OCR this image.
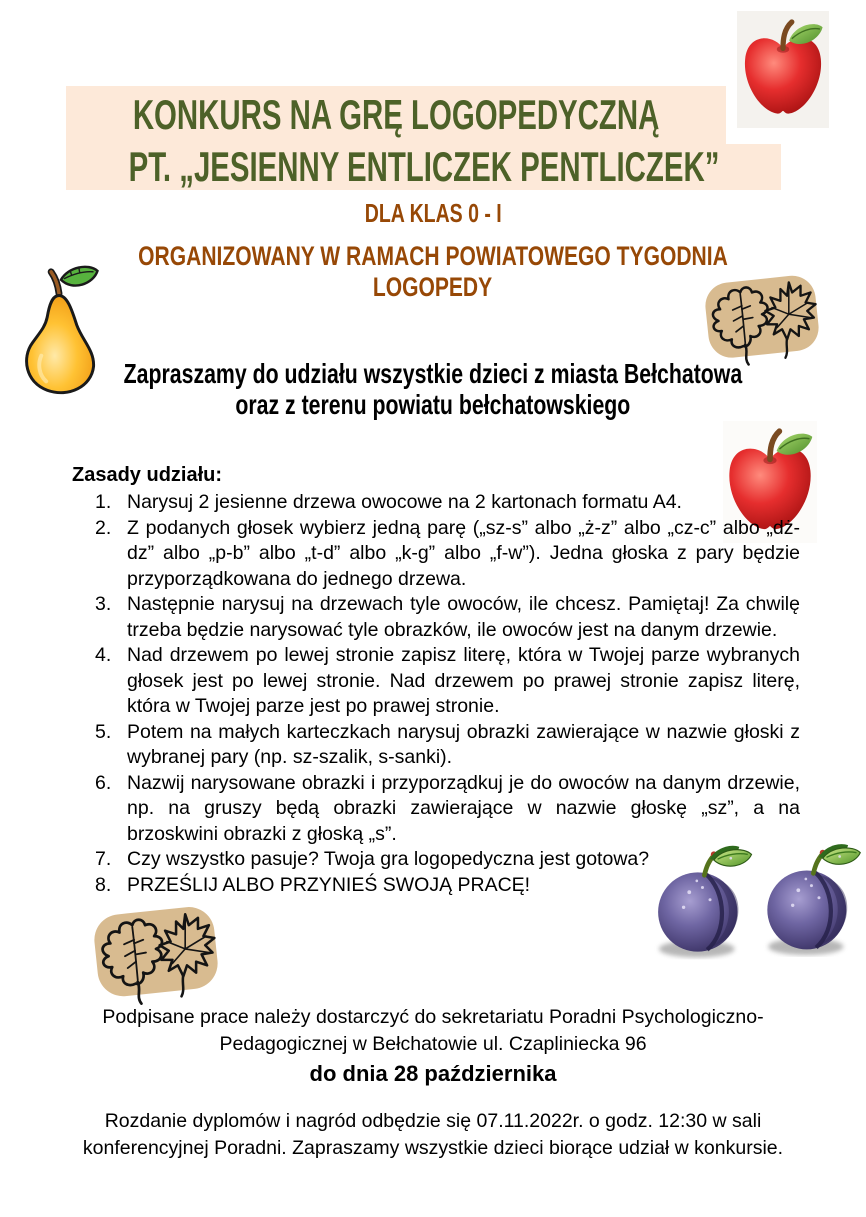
KONKURS NA GRĘ LOGOPEDYCZNĄ
PT. „JESIENNY ENTLICZEK PENTLICZEK”
DLA KLAS 0 - I
ORGANIZOWANY W RAMACH POWIATOWEGO TYGODNIA
LOGOPEDY
Zapraszamy do udziału wszystkie dzieci z miasta Bełchatowa
oraz z terenu powiatu bełchatowskiego
Zasady udziału:
1. Narysuj 2 jesienne drzewa owocowe na 2 kartonach formatu A4.
2. Z podanych głosek wybierz jedną parę („sz-s” albo „ż-z” albo „cz-c” albo „dż-dz” albo „p-b” albo „t-d” albo „k-g” albo „f-w”). Jedna głoska z pary będzie przyporządkowana do jednego drzewa.
3. Następnie narysuj na drzewach tyle owoców, ile chcesz. Pamiętaj! Za chwilę trzeba będzie narysować tyle obrazków, ile owoców jest na danym drzewie.
4. Nad drzewem po lewej stronie zapisz literę, która w Twojej parze wybranych głosek jest po lewej stronie. Nad drzewem po prawej stronie zapisz literę, która w Twojej parze jest po prawej stronie.
5. Potem na małych karteczkach narysuj obrazki zawierające w nazwie głoski z wybranej pary (np. sz-szalik, s-sanki).
6. Nazwij narysowane obrazki i przyporządkuj je do owoców na danym drzewie, np. na gruszy będą obrazki zawierające w nazwie głoskę „sz”, a na brzoskwini obrazki z głoską „s”.
7. Czy wszystko pasuje? Twoja gra logopedyczna jest gotowa?
8. PRZEŚLIJ ALBO PRZYNIEŚ SWOJĄ PRACĘ!
Podpisane prace należy dostarczyć do sekretariatu Poradni Psychologiczno-
Pedagogicznej w Bełchatowie ul. Czapliniecka 96
do dnia 28 października
Rozdanie dyplomów i nagród odbędzie się 07.11.2022r. o godz. 12:30 w sali
konferencyjnej Poradni. Zapraszamy wszystkie dzieci biorące udział w konkursie.
